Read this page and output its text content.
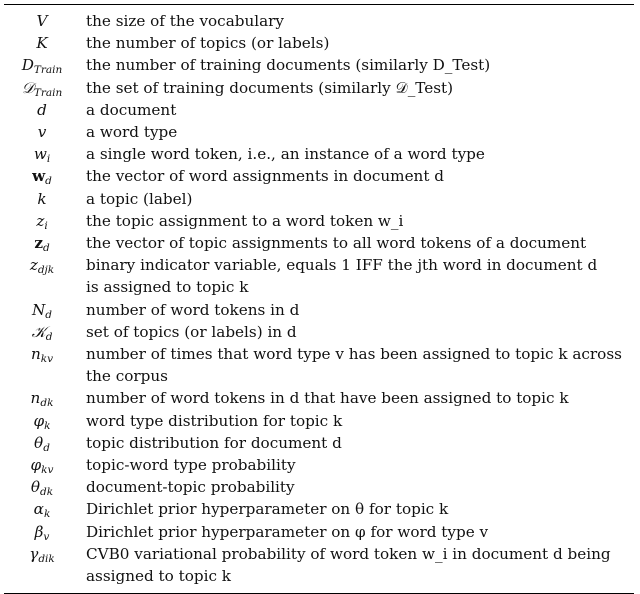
V	the size of the vocabulary
K	the number of topics (or labels)
$D_{Train}$	the number of training documents (similarly D_Test)
𝒟$_{Train}$	the set of training documents (similarly 𝒟_Test)
d	a document
v	a word type
$w_i$	a single word token, i.e., an instance of a word type
$w_d$	the vector of word assignments in document d
k	a topic (label)
$z_i$	the topic assignment to a word token w_i
$z_d$	the vector of topic assignments to all word tokens of a document
$z_{djk}$	binary indicator variable, equals 1 IFF the jth word in document d
is assigned to topic k
$N_d$	number of word tokens in d
𝒦$_d$	set of topics (or labels) in d
$n_{kv}$	number of times that word type v has been assigned to topic k across
the corpus
$n_{dk}$	number of word tokens in d that have been assigned to topic k
$\varphi_k$	word type distribution for topic k
$\theta_d$	topic distribution for document d
$\varphi_{kv}$	topic-word type probability
$\theta_{dk}$	document-topic probability
$\alpha_k$	Dirichlet prior hyperparameter on θ for topic k
$\beta_v$	Dirichlet prior hyperparameter on φ for word type v
$\gamma_{dik}$	CVB0 variational probability of word token w_i in document d being
assigned to topic k
